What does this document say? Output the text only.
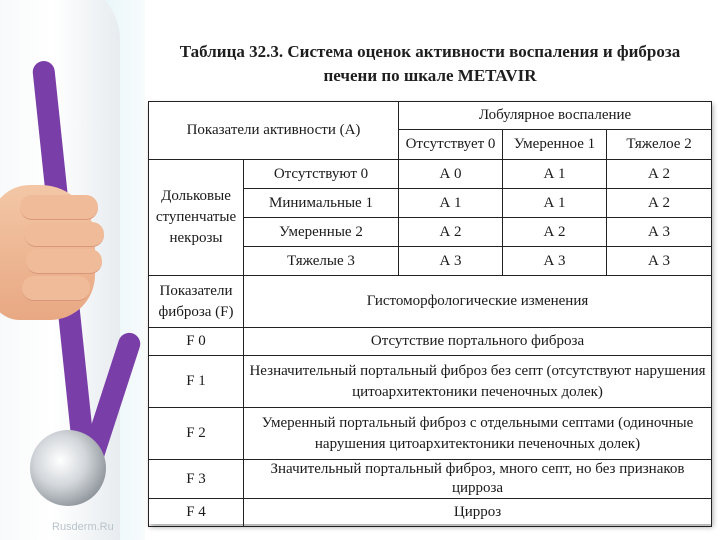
Rusderm.Ru
Таблица 32.3. Система оценок активности воспаления и фиброза
печени по шкале METAVIR
Показатели активности (А)		Лобулярное воспаление		
		Отсутствует 0	Умеренное 1	Тяжелое 2
Дольковые ступенчатые некрозы	Отсутствуют 0	А 0	А 1	А 2
	Минимальные 1	А 1	А 1	А 2
	Умеренные 2	А 2	А 2	А 3
	Тяжелые 3	А 3	А 3	А 3
Показатели фиброза (F)	Гистоморфологические изменения			
F 0	Отсутствие портального фиброза			
F 1	Незначительный портальный фиброз без септ (отсутствуют нарушения цитоархитектоники печеночных долек)			
F 2	Умеренный портальный фиброз с отдельными септами (одиночные нарушения цитоархитектоники печеночных долек)			
F 3	Значительный портальный фиброз, много септ, но без признаков цирроза			
F 4	Цирроз			
